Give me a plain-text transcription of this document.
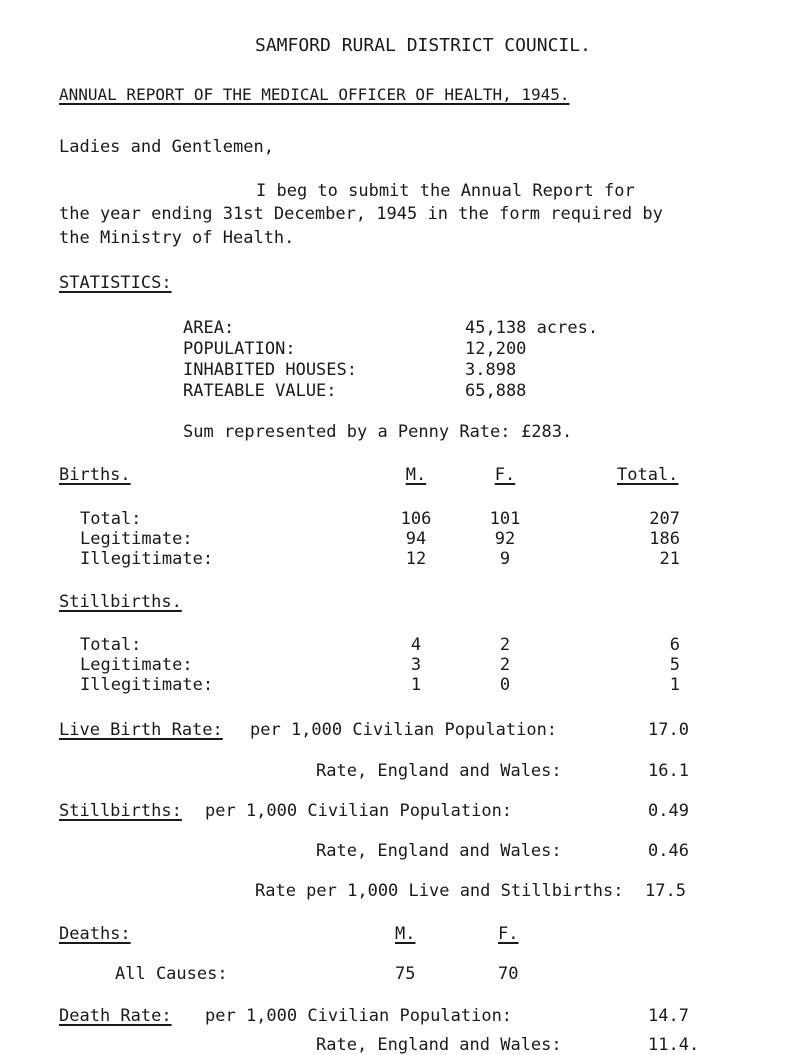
SAMFORD RURAL DISTRICT COUNCIL.
ANNUAL REPORT OF THE MEDICAL OFFICER OF HEALTH, 1945.
Ladies and Gentlemen,
I beg to submit the Annual Report for
the year ending 31st December, 1945 in the form required by
the Ministry of Health.
STATISTICS:
AREA:	45,138 acres.
POPULATION:	12,200
INHABITED HOUSES:	3.898
RATEABLE VALUE:	65,888
Sum represented by a Penny Rate: £283.
Births.	M.	F.	Total.
Total:	106	101	207
Legitimate:	94	92	186
Illegitimate:	12	9	21
Stillbirths.
Total:	4	2	6
Legitimate:	3	2	5
Illegitimate:	1	0	1
Live Birth Rate: per 1,000 Civilian Population:	17.0
Rate, England and Wales:	16.1
Stillbirths: per 1,000 Civilian Population:	0.49
Rate, England and Wales:	0.46
Rate per 1,000 Live and Stillbirths: 17.5
Deaths:	M.	F.
All Causes:	75	70
Death Rate: per 1,000 Civilian Population:	14.7
Rate, England and Wales:	11.4.
